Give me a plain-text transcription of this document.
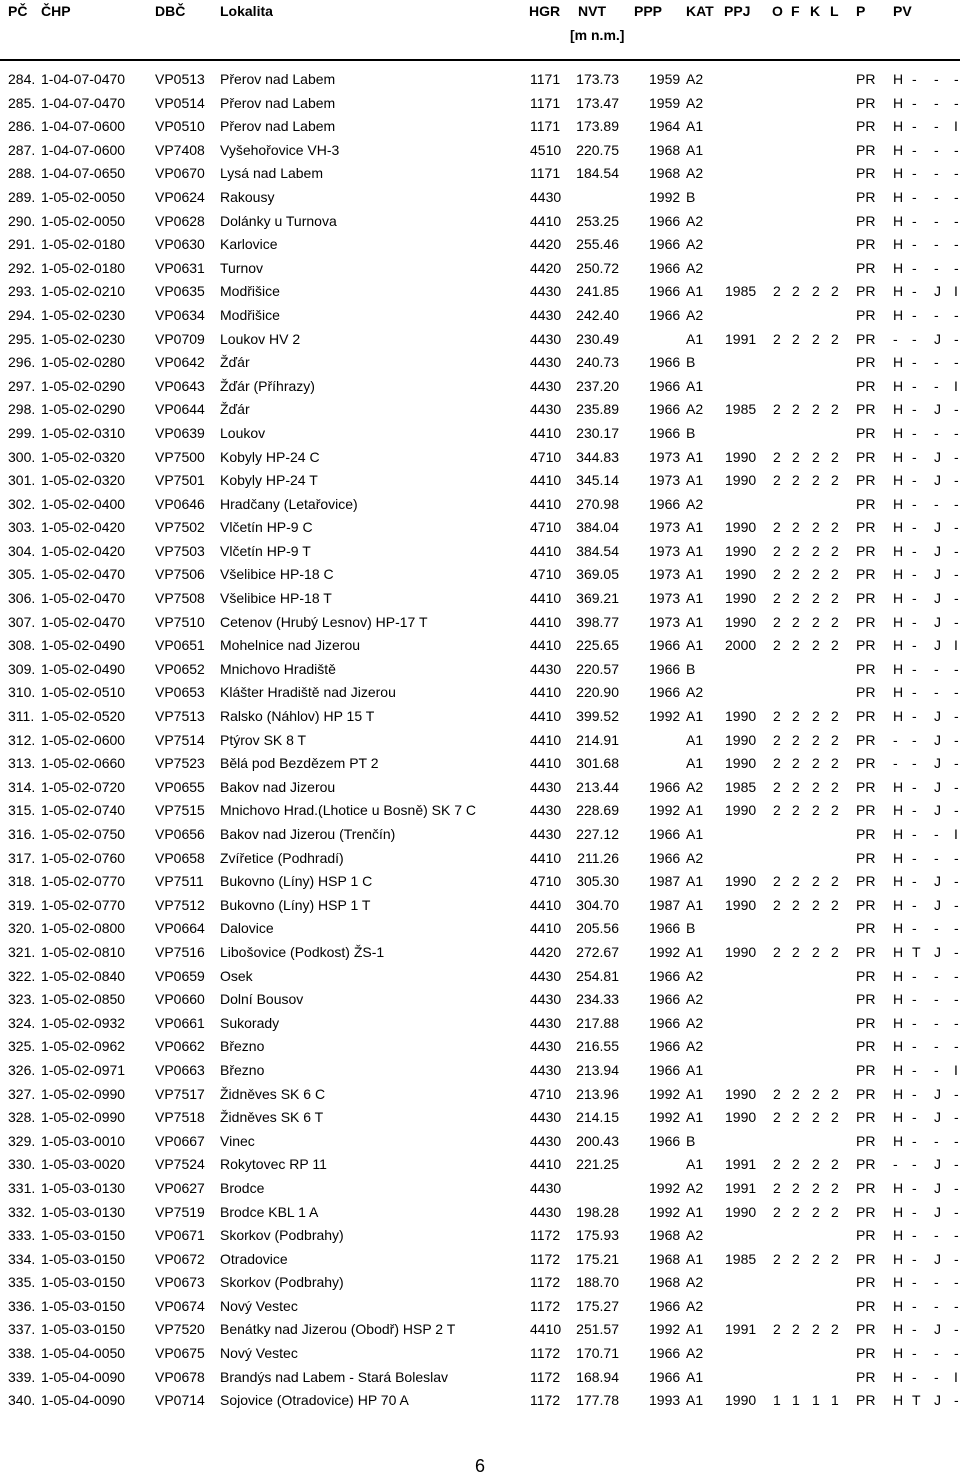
PČ ČHP	DBČ Lokalita	HGR NVT
[m n.m.]
PPP KAT PPJ O F K L P PV
284. 1-04-07-0470 VP0513 Přerov nad Labem	1171	173.73 1959 A2	PR H - - -
285. 1-04-07-0470 VP0514 Přerov nad Labem	1171	173.47 1959 A2	PR H - - -
286. 1-04-07-0600 VP0510 Přerov nad Labem	1171	173.89 1964 A1	PR H - - I
287. 1-04-07-0600 VP7408 Vyšehořovice VH-3	4510	220.75 1968 A1	PR H - - -
288. 1-04-07-0650 VP0670 Lysá nad Labem	1171	184.54 1968 A2	PR H - - -
289. 1-05-02-0050 VP0624 Rakousy	4430	1992 B	PR H - - -
290. 1-05-02-0050 VP0628 Dolánky u Turnova	4410	253.25 1966 A2	PR H - - -
291. 1-05-02-0180 VP0630 Karlovice	4420	255.46 1966 A2	PR H - - -
292. 1-05-02-0180 VP0631 Turnov	4420	250.72 1966 A2	PR H - - -
293. 1-05-02-0210 VP0635 Modřišice	4430	241.85 1966 A1 1985 2 2 2 2 PR H - J I
294. 1-05-02-0230 VP0634 Modřišice	4430	242.40 1966 A2	PR H - - -
295. 1-05-02-0230 VP0709 Loukov HV 2	4430	230.49	A1 1991 2 2 2 2 PR - - J -
296. 1-05-02-0280 VP0642 Žďár	4430	240.73 1966 B	PR H - - -
297. 1-05-02-0290 VP0643 Žďár (Příhrazy)	4430	237.20 1966 A1	PR H - - I
298. 1-05-02-0290 VP0644 Žďár	4430	235.89 1966 A2 1985 2 2 2 2 PR H - J -
299. 1-05-02-0310 VP0639 Loukov	4410	230.17 1966 B	PR H - - -
300. 1-05-02-0320 VP7500 Kobyly HP-24 C	4710	344.83 1973 A1 1990 2 2 2 2 PR H - J -
301. 1-05-02-0320 VP7501 Kobyly HP-24 T	4410	345.14 1973 A1 1990 2 2 2 2 PR H - J -
302. 1-05-02-0400 VP0646 Hradčany (Letařovice)	4410	270.98 1966 A2	PR H - - -
303. 1-05-02-0420 VP7502 Vlčetín HP-9 C	4710	384.04 1973 A1 1990 2 2 2 2 PR H - J -
304. 1-05-02-0420 VP7503 Vlčetín HP-9 T	4410	384.54 1973 A1 1990 2 2 2 2 PR H - J -
305. 1-05-02-0470 VP7506 Všelibice HP-18 C	4710	369.05 1973 A1 1990 2 2 2 2 PR H - J -
306. 1-05-02-0470 VP7508 Všelibice HP-18 T	4410	369.21 1973 A1 1990 2 2 2 2 PR H - J -
307. 1-05-02-0470 VP7510 Cetenov (Hrubý Lesnov) HP-17 T	4410	398.77 1973 A1 1990 2 2 2 2 PR H - J -
308. 1-05-02-0490 VP0651 Mohelnice nad Jizerou	4410	225.65 1966 A1 2000 2 2 2 2 PR H - J I
309. 1-05-02-0490 VP0652 Mnichovo Hradiště	4430	220.57 1966 B	PR H - - -
310. 1-05-02-0510 VP0653 Klášter Hradiště nad Jizerou	4410	220.90 1966 A2	PR H - - -
311. 1-05-02-0520 VP7513 Ralsko (Náhlov) HP 15 T	4410	399.52 1992 A1 1990 2 2 2 2 PR H - J -
312. 1-05-02-0600 VP7514 Ptýrov SK 8 T	4410	214.91	A1 1990 2 2 2 2 PR - - J -
313. 1-05-02-0660 VP7523 Bělá pod Bezdězem PT 2	4410	301.68	A1 1990 2 2 2 2 PR - - J -
314. 1-05-02-0720 VP0655 Bakov nad Jizerou	4430	213.44 1966 A2 1985 2 2 2 2 PR H - J -
315. 1-05-02-0740 VP7515 Mnichovo Hrad.(Lhotice u Bosně) SK 7 C	4430	228.69 1992 A1 1990 2 2 2 2 PR H - J -
316. 1-05-02-0750 VP0656 Bakov nad Jizerou (Trenčín)	4430	227.12 1966 A1	PR H - - I
317. 1-05-02-0760 VP0658 Zvířetice (Podhradí)	4410	211.26 1966 A2	PR H - - -
318. 1-05-02-0770 VP7511 Bukovno (Líny) HSP 1 C	4710	305.30 1987 A1 1990 2 2 2 2 PR H - J -
319. 1-05-02-0770 VP7512 Bukovno (Líny) HSP 1 T	4410	304.70 1987 A1 1990 2 2 2 2 PR H - J -
320. 1-05-02-0800 VP0664 Dalovice	4410	205.56 1966 B	PR H - - -
321. 1-05-02-0810 VP7516 Libošovice (Podkost) ŽS-1	4420	272.67 1992 A1 1990 2 2 2 2 PR H T J -
322. 1-05-02-0840 VP0659 Osek	4430	254.81 1966 A2	PR H - - -
323. 1-05-02-0850 VP0660 Dolní Bousov	4430	234.33 1966 A2	PR H - - -
324. 1-05-02-0932 VP0661 Sukorady	4430	217.88 1966 A2	PR H - - -
325. 1-05-02-0962 VP0662 Březno	4430	216.55 1966 A2	PR H - - -
326. 1-05-02-0971 VP0663 Březno	4430	213.94 1966 A1	PR H - - I
327. 1-05-02-0990 VP7517 Židněves SK 6 C	4710	213.96 1992 A1 1990 2 2 2 2 PR H - J -
328. 1-05-02-0990 VP7518 Židněves SK 6 T	4430	214.15 1992 A1 1990 2 2 2 2 PR H - J -
329. 1-05-03-0010 VP0667 Vinec	4430	200.43 1966 B	PR H - - -
330. 1-05-03-0020 VP7524 Rokytovec RP 11	4410	221.25	A1 1991 2 2 2 2 PR - - J -
331. 1-05-03-0130 VP0627 Brodce	4430	1992 A2 1991 2 2 2 2 PR H - J -
332. 1-05-03-0130 VP7519 Brodce KBL 1 A	4430	198.28 1992 A1 1990 2 2 2 2 PR H - J -
333. 1-05-03-0150 VP0671 Skorkov (Podbrahy)	1172	175.93 1968 A2	PR H - - -
334. 1-05-03-0150 VP0672 Otradovice	1172	175.21 1968 A1 1985 2 2 2 2 PR H - J -
335. 1-05-03-0150 VP0673 Skorkov (Podbrahy)	1172	188.70 1968 A2	PR H - - -
336. 1-05-03-0150 VP0674 Nový Vestec	1172	175.27 1966 A2	PR H - - -
337. 1-05-03-0150 VP7520 Benátky nad Jizerou (Obodř) HSP 2 T	4410	251.57 1992 A1 1991 2 2 2 2 PR H - J -
338. 1-05-04-0050 VP0675 Nový Vestec	1172	170.71 1966 A2	PR H - - -
339. 1-05-04-0090 VP0678 Brandýs nad Labem - Stará Boleslav	1172	168.94 1966 A1	PR H - - I
340. 1-05-04-0090 VP0714 Sojovice (Otradovice) HP 70 A	1172	177.78 1993 A1 1990 1 1 1 1 PR H T J -
6
